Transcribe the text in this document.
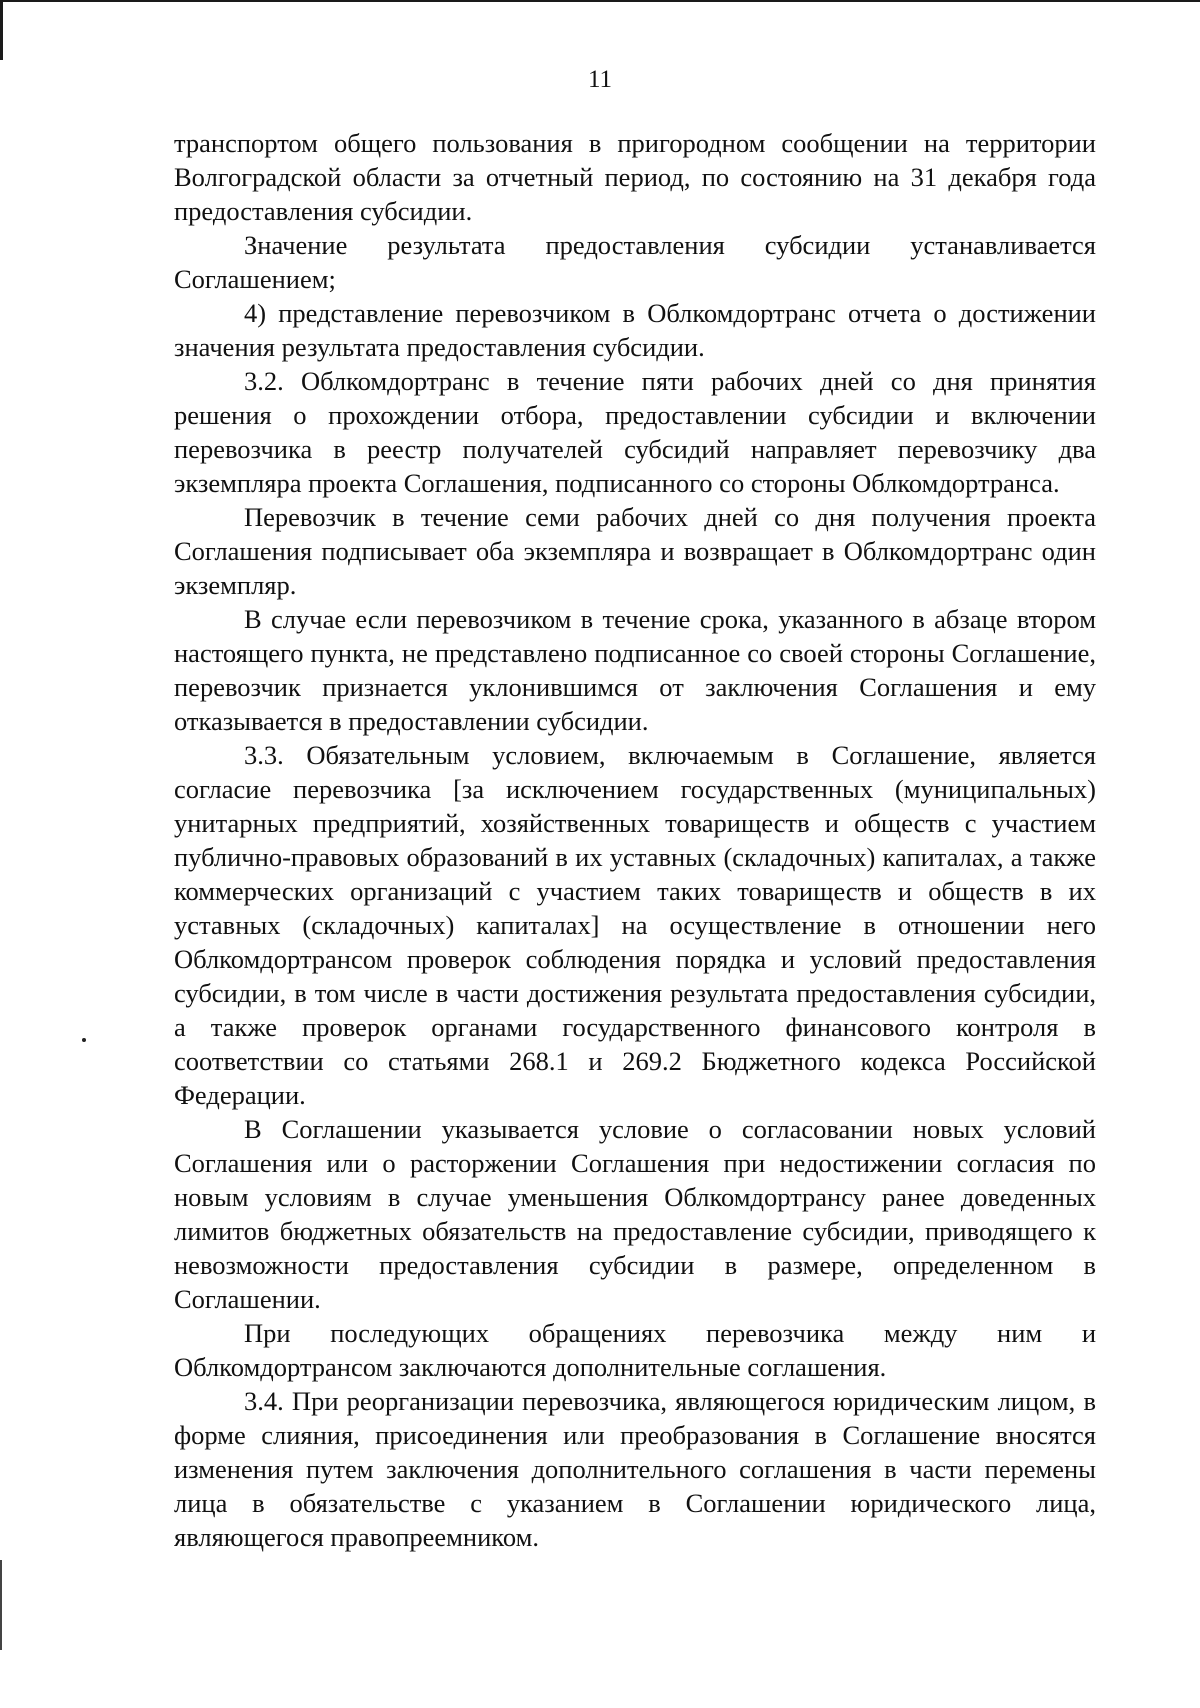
11

транспортом общего пользования в пригородном сообщении на территории Волгоградской области за отчетный период, по состоянию на 31 декабря года предоставления субсидии.

Значение результата предоставления субсидии устанавливается Соглашением;

4) представление перевозчиком в Облкомдортранс отчета о достижении значения результата предоставления субсидии.

3.2. Облкомдортранс в течение пяти рабочих дней со дня принятия решения о прохождении отбора, предоставлении субсидии и включении перевозчика в реестр получателей субсидий направляет перевозчику два экземпляра проекта Соглашения, подписанного со стороны Облкомдортранса.

Перевозчик в течение семи рабочих дней со дня получения проекта Соглашения подписывает оба экземпляра и возвращает в Облкомдортранс один экземпляр.

В случае если перевозчиком в течение срока, указанного в абзаце втором настоящего пункта, не представлено подписанное со своей стороны Соглашение, перевозчик признается уклонившимся от заключения Соглашения и ему отказывается в предоставлении субсидии.

3.3. Обязательным условием, включаемым в Соглашение, является согласие перевозчика [за исключением государственных (муниципальных) унитарных предприятий, хозяйственных товариществ и обществ с участием публично-правовых образований в их уставных (складочных) капиталах, а также коммерческих организаций с участием таких товариществ и обществ в их уставных (складочных) капиталах] на осуществление в отношении него Облкомдортрансом проверок соблюдения порядка и условий предоставления субсидии, в том числе в части достижения результата предоставления субсидии, а также проверок органами государственного финансового контроля в соответствии со статьями 268.1 и 269.2 Бюджетного кодекса Российской Федерации.

В Соглашении указывается условие о согласовании новых условий Соглашения или о расторжении Соглашения при недостижении согласия по новым условиям в случае уменьшения Облкомдортрансу ранее доведенных лимитов бюджетных обязательств на предоставление субсидии, приводящего к невозможности предоставления субсидии в размере, определенном в Соглашении.

При последующих обращениях перевозчика между ним и Облкомдортрансом заключаются дополнительные соглашения.

3.4. При реорганизации перевозчика, являющегося юридическим лицом, в форме слияния, присоединения или преобразования в Соглашение вносятся изменения путем заключения дополнительного соглашения в части перемены лица в обязательстве с указанием в Соглашении юридического лица, являющегося правопреемником.
